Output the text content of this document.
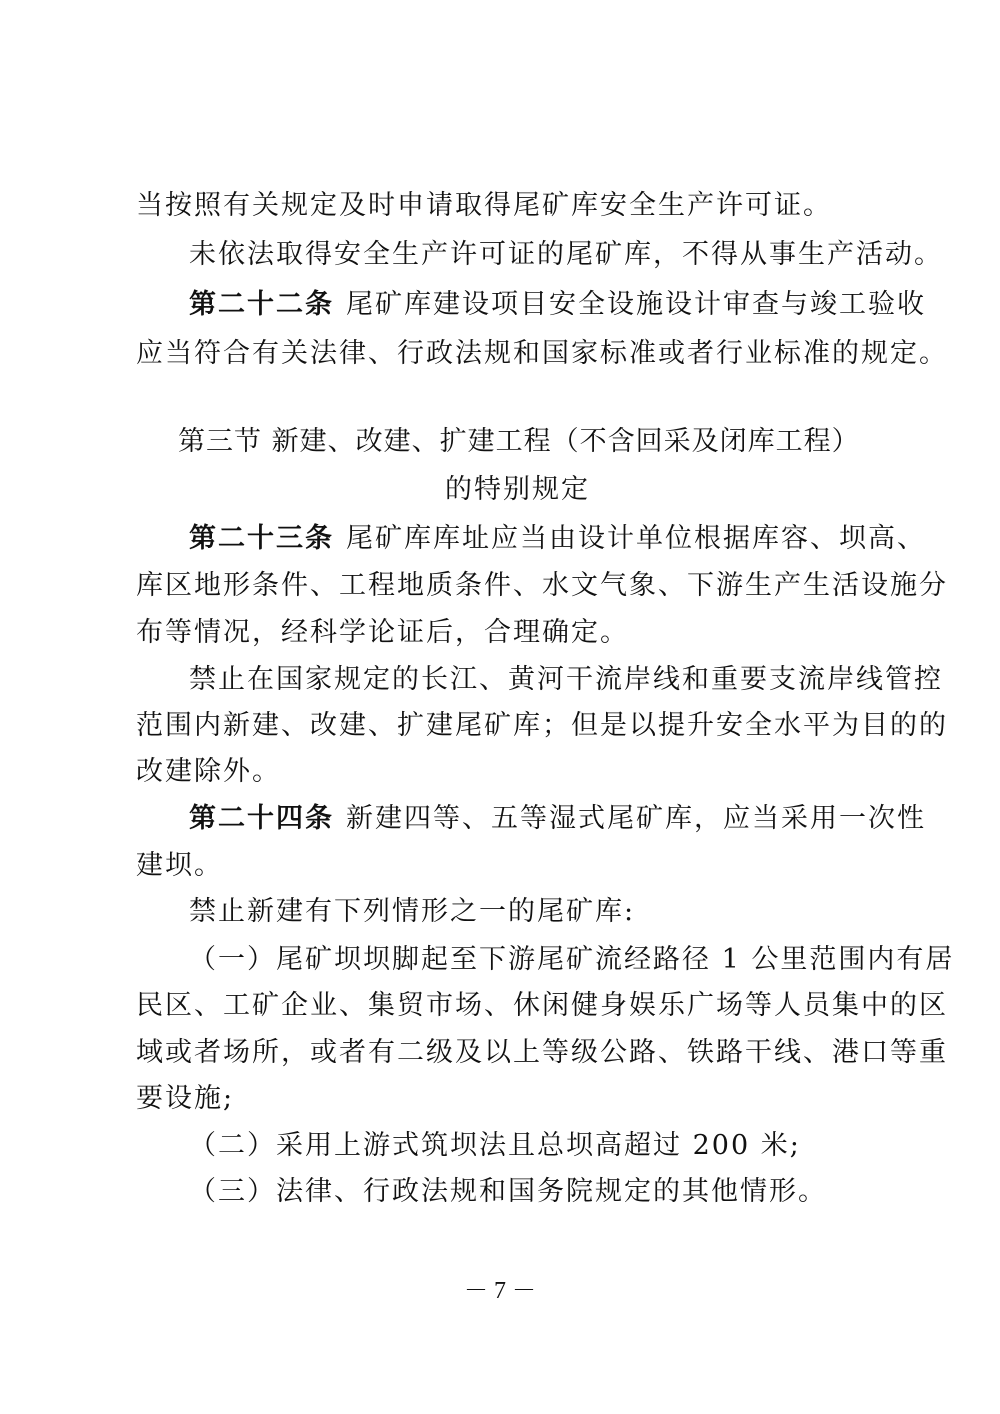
当按照有关规定及时申请取得尾矿库安全生产许可证。
未依法取得安全生产许可证的尾矿库，不得从事生产活动。
第二十二条 尾矿库建设项目安全设施设计审查与竣工验收
应当符合有关法律、行政法规和国家标准或者行业标准的规定。
第三节 新建、改建、扩建工程（不含回采及闭库工程）
的特别规定
第二十三条 尾矿库库址应当由设计单位根据库容、坝高、
库区地形条件、工程地质条件、水文气象、下游生产生活设施分
布等情况，经科学论证后，合理确定。
禁止在国家规定的长江、黄河干流岸线和重要支流岸线管控
范围内新建、改建、扩建尾矿库；但是以提升安全水平为目的的
改建除外。
第二十四条 新建四等、五等湿式尾矿库，应当采用一次性
建坝。
禁止新建有下列情形之一的尾矿库:
（一）尾矿坝坝脚起至下游尾矿流经路径 1 公里范围内有居
民区、工矿企业、集贸市场、休闲健身娱乐广场等人员集中的区
域或者场所，或者有二级及以上等级公路、铁路干线、港口等重
要设施;
（二）采用上游式筑坝法且总坝高超过 200 米;
（三）法律、行政法规和国务院规定的其他情形。
－ 7 －
